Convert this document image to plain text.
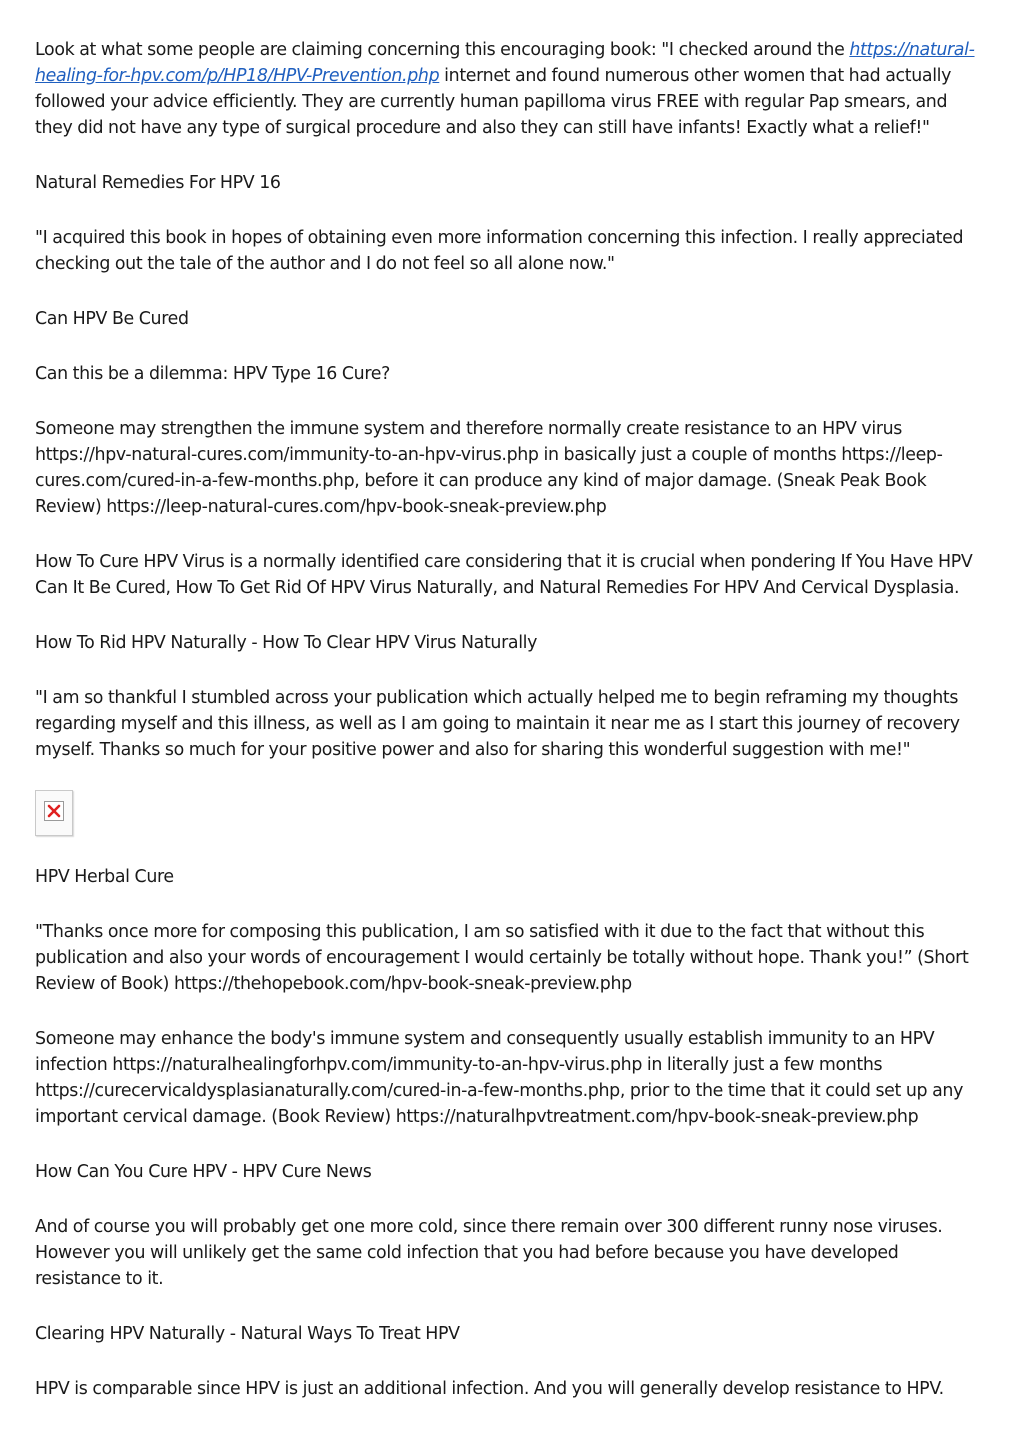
Look at what some people are claiming concerning this encouraging book: "I checked around the https://natural-healing-for-hpv.com/p/HP18/HPV-Prevention.php internet and found numerous other women that had actually followed your advice efficiently. They are currently human papilloma virus FREE with regular Pap smears, and they did not have any type of surgical procedure and also they can still have infants! Exactly what a relief!"

Natural Remedies For HPV 16

"I acquired this book in hopes of obtaining even more information concerning this infection. I really appreciated checking out the tale of the author and I do not feel so all alone now."

Can HPV Be Cured

Can this be a dilemma: HPV Type 16 Cure?

Someone may strengthen the immune system and therefore normally create resistance to an HPV virus https://hpv-natural-cures.com/immunity-to-an-hpv-virus.php in basically just a couple of months https://leep-cures.com/cured-in-a-few-months.php, before it can produce any kind of major damage. (Sneak Peak Book Review) https://leep-natural-cures.com/hpv-book-sneak-preview.php

How To Cure HPV Virus is a normally identified care considering that it is crucial when pondering If You Have HPV Can It Be Cured, How To Get Rid Of HPV Virus Naturally, and Natural Remedies For HPV And Cervical Dysplasia.

How To Rid HPV Naturally - How To Clear HPV Virus Naturally

"I am so thankful I stumbled across your publication which actually helped me to begin reframing my thoughts regarding myself and this illness, as well as I am going to maintain it near me as I start this journey of recovery myself. Thanks so much for your positive power and also for sharing this wonderful suggestion with me!"

HPV Herbal Cure

"Thanks once more for composing this publication, I am so satisfied with it due to the fact that without this publication and also your words of encouragement I would certainly be totally without hope. Thank you!” (Short Review of Book) https://thehopebook.com/hpv-book-sneak-preview.php

Someone may enhance the body's immune system and consequently usually establish immunity to an HPV infection https://naturalhealingforhpv.com/immunity-to-an-hpv-virus.php in literally just a few months https://curecervicaldysplasianaturally.com/cured-in-a-few-months.php, prior to the time that it could set up any important cervical damage. (Book Review) https://naturalhpvtreatment.com/hpv-book-sneak-preview.php

How Can You Cure HPV - HPV Cure News

And of course you will probably get one more cold, since there remain over 300 different runny nose viruses. However you will unlikely get the same cold infection that you had before because you have developed resistance to it.

Clearing HPV Naturally - Natural Ways To Treat HPV

HPV is comparable since HPV is just an additional infection. And you will generally develop resistance to HPV.
